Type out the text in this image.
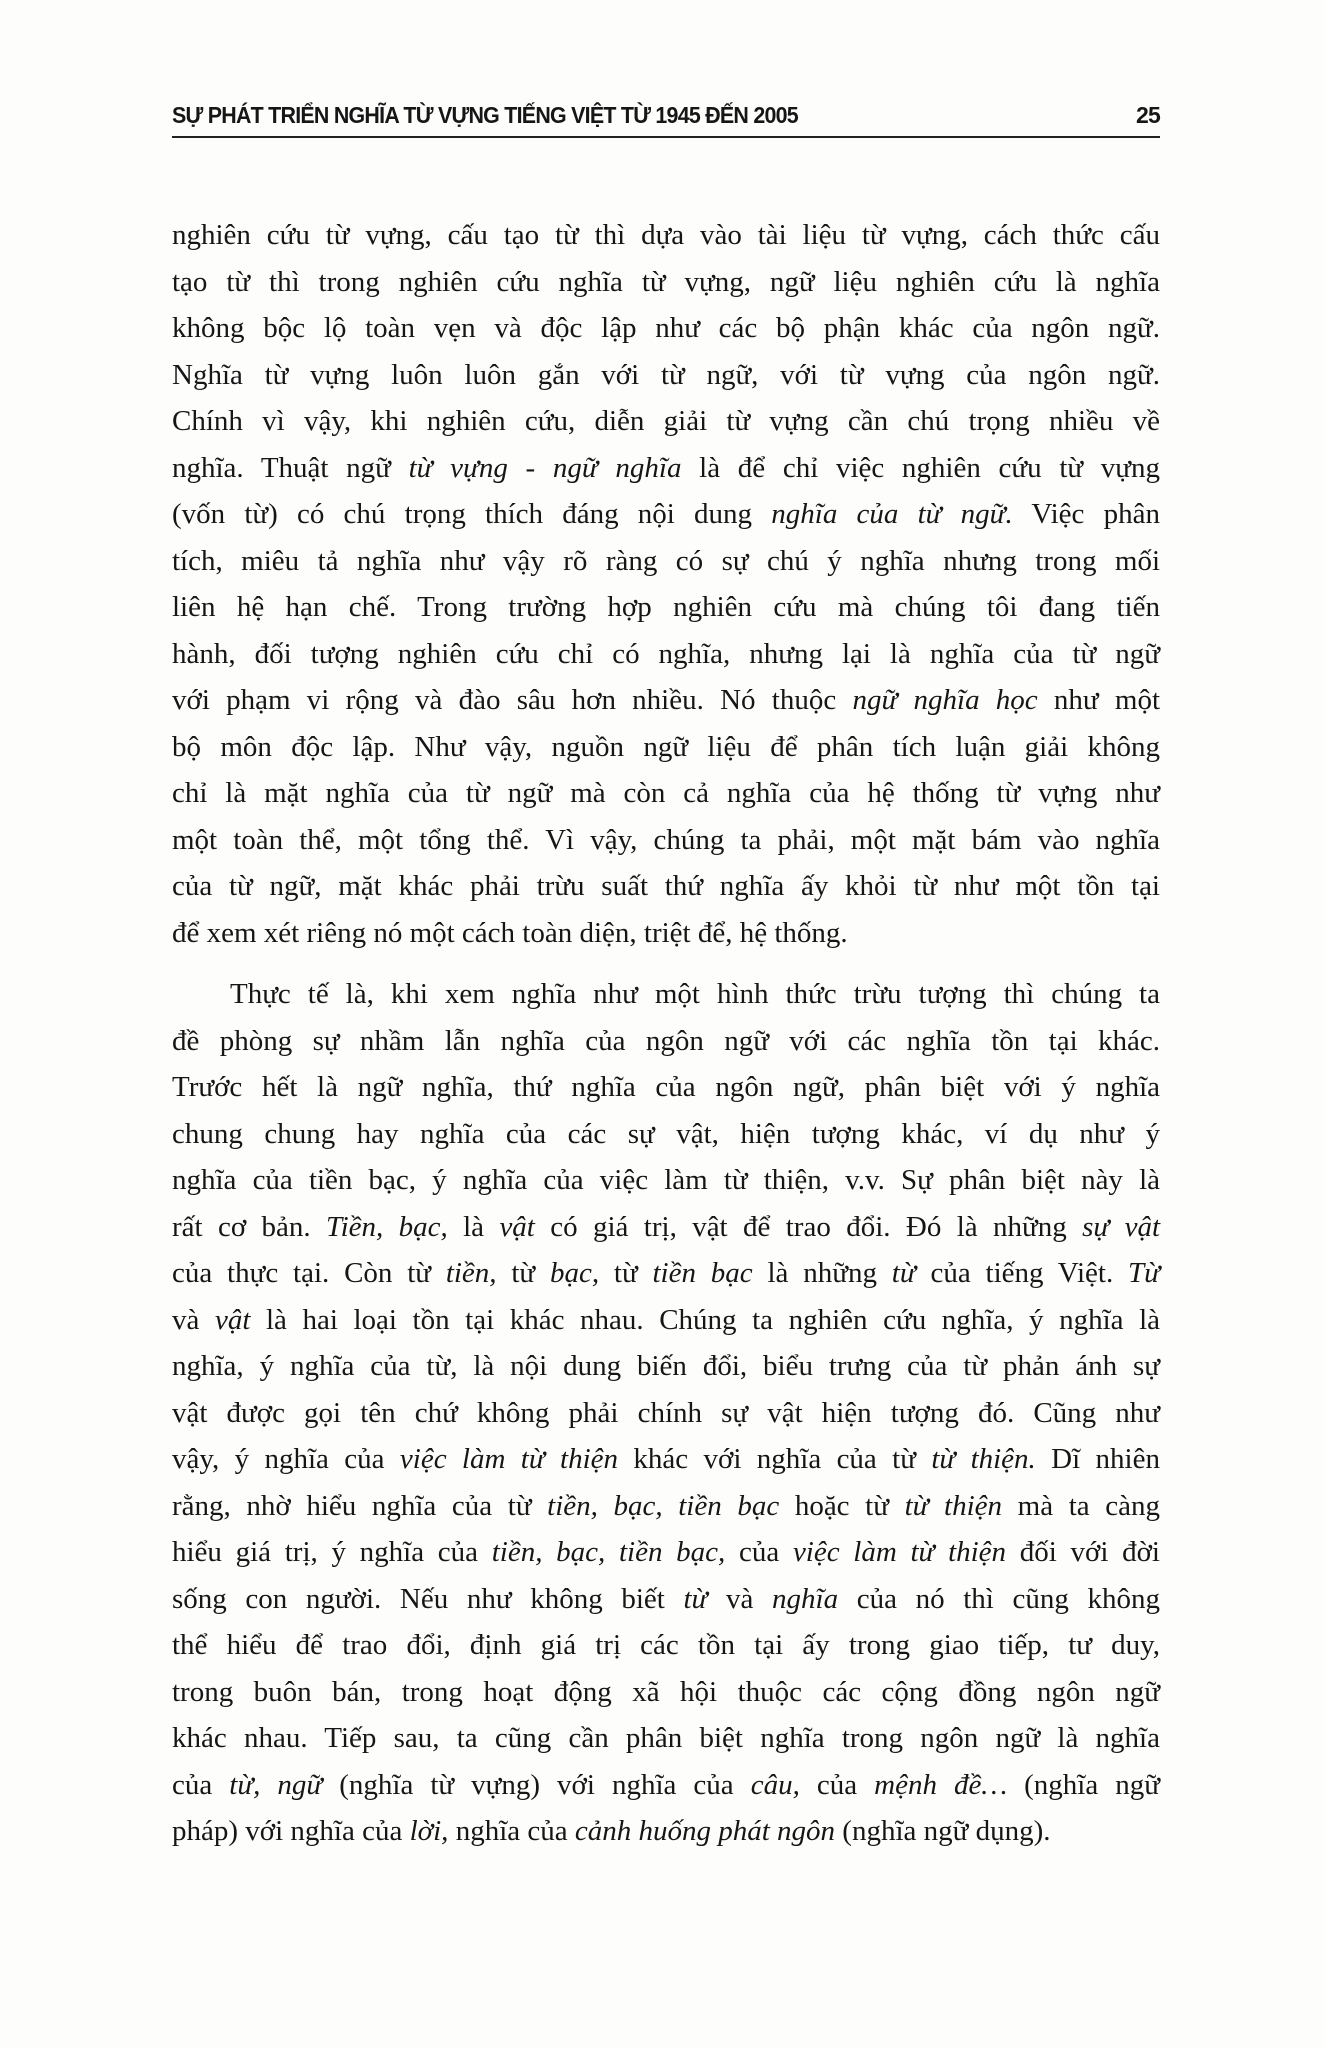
SỰ PHÁT TRIỂN NGHĨA TỪ VỰNG TIẾNG VIỆT TỪ 1945 ĐẾN 2005	25
nghiên cứu từ vựng, cấu tạo từ thì dựa vào tài liệu từ vựng, cách thức cấu
tạo từ thì trong nghiên cứu nghĩa từ vựng, ngữ liệu nghiên cứu là nghĩa
không bộc lộ toàn vẹn và độc lập như các bộ phận khác của ngôn ngữ.
Nghĩa từ vựng luôn luôn gắn với từ ngữ, với từ vựng của ngôn ngữ.
Chính vì vậy, khi nghiên cứu, diễn giải từ vựng cần chú trọng nhiều về
nghĩa. Thuật ngữ từ vựng - ngữ nghĩa là để chỉ việc nghiên cứu từ vựng
(vốn từ) có chú trọng thích đáng nội dung nghĩa của từ ngữ. Việc phân
tích, miêu tả nghĩa như vậy rõ ràng có sự chú ý nghĩa nhưng trong mối
liên hệ hạn chế. Trong trường hợp nghiên cứu mà chúng tôi đang tiến
hành, đối tượng nghiên cứu chỉ có nghĩa, nhưng lại là nghĩa của từ ngữ
với phạm vi rộng và đào sâu hơn nhiều. Nó thuộc ngữ nghĩa học như một
bộ môn độc lập. Như vậy, nguồn ngữ liệu để phân tích luận giải không
chỉ là mặt nghĩa của từ ngữ mà còn cả nghĩa của hệ thống từ vựng như
một toàn thể, một tổng thể. Vì vậy, chúng ta phải, một mặt bám vào nghĩa
của từ ngữ, mặt khác phải trừu suất thứ nghĩa ấy khỏi từ như một tồn tại
để xem xét riêng nó một cách toàn diện, triệt để, hệ thống.
Thực tế là, khi xem nghĩa như một hình thức trừu tượng thì chúng ta
đề phòng sự nhầm lẫn nghĩa của ngôn ngữ với các nghĩa tồn tại khác.
Trước hết là ngữ nghĩa, thứ nghĩa của ngôn ngữ, phân biệt với ý nghĩa
chung chung hay nghĩa của các sự vật, hiện tượng khác, ví dụ như ý
nghĩa của tiền bạc, ý nghĩa của việc làm từ thiện, v.v. Sự phân biệt này là
rất cơ bản. Tiền, bạc, là vật có giá trị, vật để trao đổi. Đó là những sự vật
của thực tại. Còn từ tiền, từ bạc, từ tiền bạc là những từ của tiếng Việt. Từ
và vật là hai loại tồn tại khác nhau. Chúng ta nghiên cứu nghĩa, ý nghĩa là
nghĩa, ý nghĩa của từ, là nội dung biến đổi, biểu trưng của từ phản ánh sự
vật được gọi tên chứ không phải chính sự vật hiện tượng đó. Cũng như
vậy, ý nghĩa của việc làm từ thiện khác với nghĩa của từ từ thiện. Dĩ nhiên
rằng, nhờ hiểu nghĩa của từ tiền, bạc, tiền bạc hoặc từ từ thiện mà ta càng
hiểu giá trị, ý nghĩa của tiền, bạc, tiền bạc, của việc làm từ thiện đối với đời
sống con người. Nếu như không biết từ và nghĩa của nó thì cũng không
thể hiểu để trao đổi, định giá trị các tồn tại ấy trong giao tiếp, tư duy,
trong buôn bán, trong hoạt động xã hội thuộc các cộng đồng ngôn ngữ
khác nhau. Tiếp sau, ta cũng cần phân biệt nghĩa trong ngôn ngữ là nghĩa
của từ, ngữ (nghĩa từ vựng) với nghĩa của câu, của mệnh đề… (nghĩa ngữ
pháp) với nghĩa của lời, nghĩa của cảnh huống phát ngôn (nghĩa ngữ dụng).
